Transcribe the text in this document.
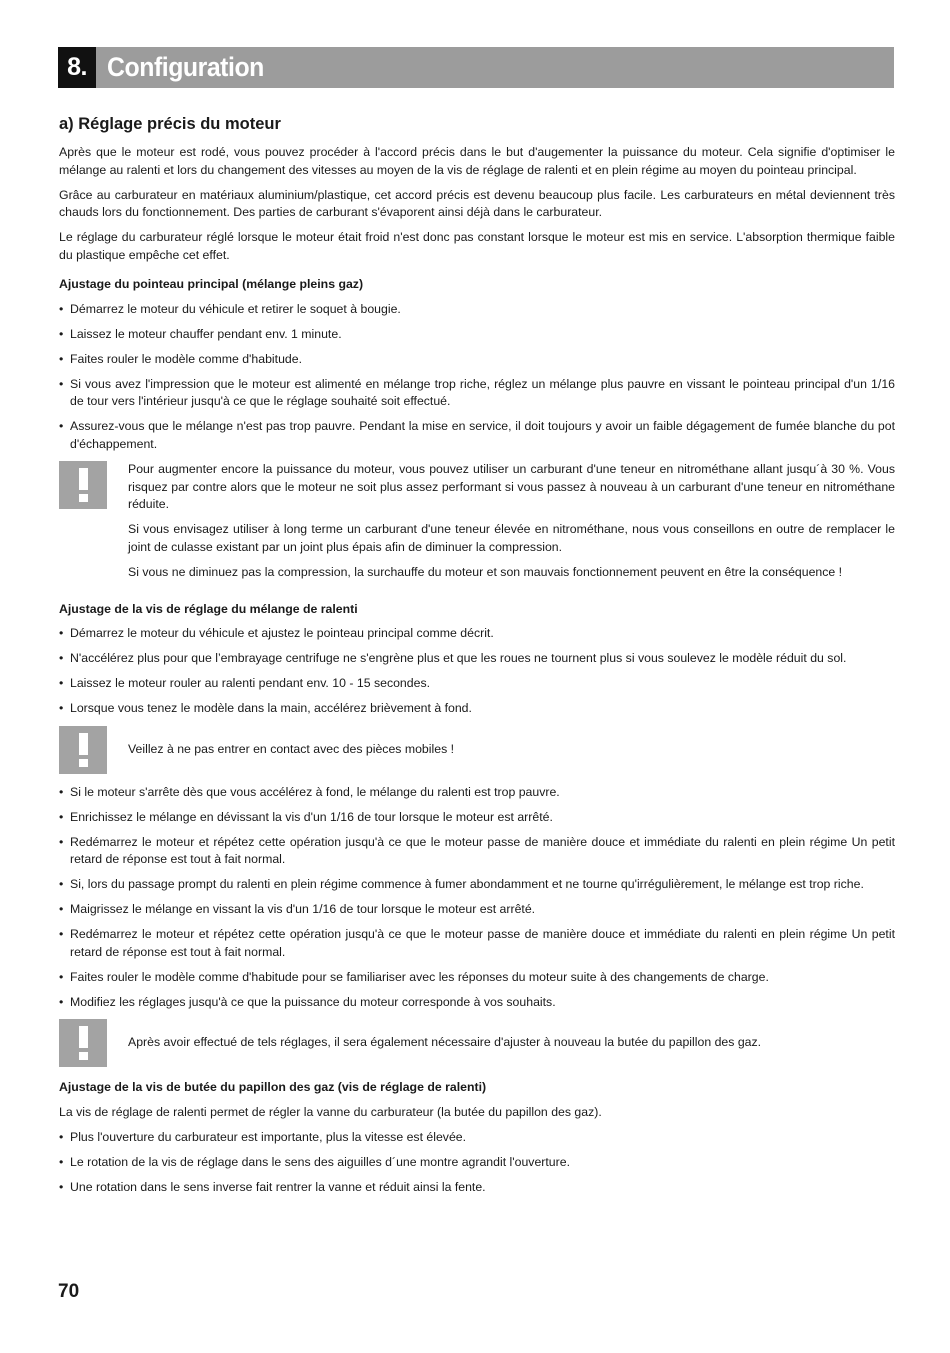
8. Configuration
a) Réglage précis du moteur

Après que le moteur est rodé, vous pouvez procéder à l'accord précis dans le but d'augementer la puissance du moteur. Cela signifie d'optimiser le mélange au ralenti et lors du changement des vitesses au moyen de la vis de réglage de ralenti et en plein régime au moyen du pointeau principal.

Grâce au carburateur en matériaux aluminium/plastique, cet accord précis est devenu beaucoup plus facile. Les carburateurs en métal deviennent très chauds lors du fonctionnement. Des parties de carburant s'évaporent ainsi déjà dans le carburateur.

Le réglage du carburateur réglé lorsque le moteur était froid n'est donc pas constant lorsque le moteur est mis en service. L'absorption thermique faible du plastique empêche cet effet.

Ajustage du pointeau principal (mélange pleins gaz)
• Démarrez le moteur du véhicule et retirer le soquet à bougie.
• Laissez le moteur chauffer pendant env. 1 minute.
• Faites rouler le modèle comme d'habitude.
• Si vous avez l'impression que le moteur est alimenté en mélange trop riche, réglez un mélange plus pauvre en vissant le pointeau principal d'un 1/16 de tour vers l'intérieur jusqu'à ce que le réglage souhaité soit effectué.
• Assurez-vous que le mélange n'est pas trop pauvre. Pendant la mise en service, il doit toujours y avoir un faible dégagement de fumée blanche du pot d'échappement.

Pour augmenter encore la puissance du moteur, vous pouvez utiliser un carburant d'une teneur en nitrométhane allant jusqu´à 30 %. Vous risquez par contre alors que le moteur ne soit plus assez performant si vous passez à nouveau à un carburant d'une teneur en nitrométhane réduite.

Si vous envisagez utiliser à long terme un carburant d'une teneur élevée en nitrométhane, nous vous conseillons en outre de remplacer le joint de culasse existant par un joint plus épais afin de diminuer la compression.

Si vous ne diminuez pas la compression, la surchauffe du moteur et son mauvais fonctionnement peuvent en être la conséquence !

Ajustage de la vis de réglage du mélange de ralenti
• Démarrez le moteur du véhicule et ajustez le pointeau principal comme décrit.
• N'accélérez plus pour que l’embrayage centrifuge ne s'engrène plus et que les roues ne tournent plus si vous soulevez le modèle réduit du sol.
• Laissez le moteur rouler au ralenti pendant env. 10 - 15 secondes.
• Lorsque vous tenez le modèle dans la main, accélérez brièvement à fond.

Veillez à ne pas entrer en contact avec des pièces mobiles !

• Si le moteur s'arrête dès que vous accélérez à fond, le mélange du ralenti est trop pauvre.
• Enrichissez le mélange en dévissant la vis d'un 1/16 de tour lorsque le moteur est arrêté.
• Redémarrez le moteur et répétez cette opération jusqu'à ce que le moteur passe de manière douce et immédiate du ralenti en plein régime Un petit retard de réponse est tout à fait normal.
• Si, lors du passage prompt du ralenti en plein régime commence à fumer abondamment et ne tourne qu'irrégulièrement, le mélange est trop riche.
• Maigrissez le mélange en vissant la vis d'un 1/16 de tour lorsque le moteur est arrêté.
• Redémarrez le moteur et répétez cette opération jusqu'à ce que le moteur passe de manière douce et immédiate du ralenti en plein régime Un petit retard de réponse est tout à fait normal.
• Faites rouler le modèle comme d'habitude pour se familiariser avec les réponses du moteur suite à des changements de charge.
• Modifiez les réglages jusqu'à ce que la puissance du moteur corresponde à vos souhaits.

Après avoir effectué de tels réglages, il sera également nécessaire d'ajuster à nouveau la butée du papillon des gaz.

Ajustage de la vis de butée du papillon des gaz (vis de réglage de ralenti)

La vis de réglage de ralenti permet de régler la vanne du carburateur (la butée du papillon des gaz).

• Plus l'ouverture du carburateur est importante, plus la vitesse est élevée.
• Le rotation de la vis de réglage dans le sens des aiguilles d´une montre agrandit l'ouverture.
• Une rotation dans le sens inverse fait rentrer la vanne et réduit ainsi la fente.
70
